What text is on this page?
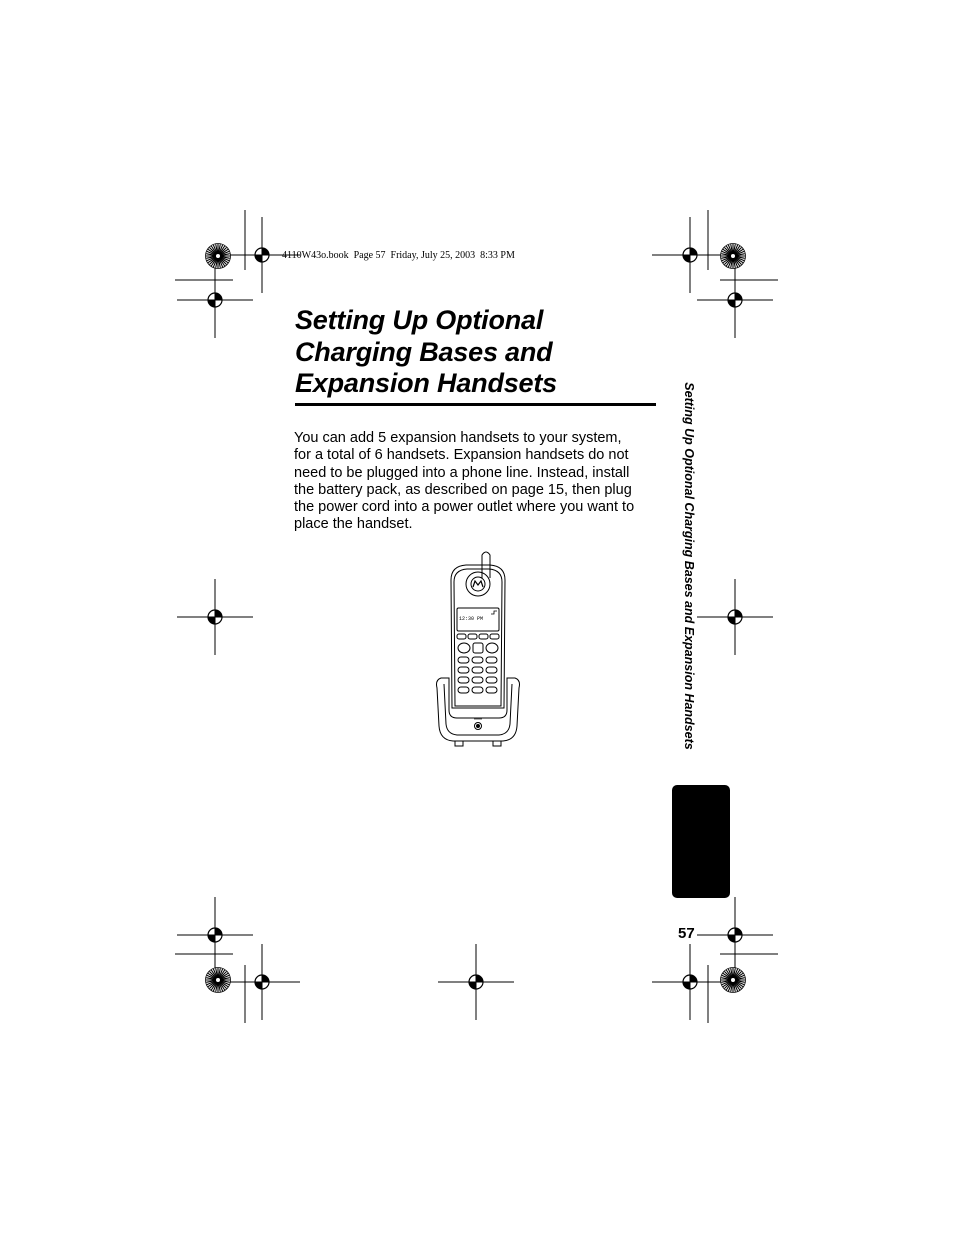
4110W43o.book  Page 57  Friday, July 25, 2003  8:33 PM
Setting Up Optional
Charging Bases and
Expansion Handsets

You can add 5 expansion handsets to your system,
for a total of 6 handsets. Expansion handsets do not
need to be plugged into a phone line. Instead, install
the battery pack, as described on page 15, then plug
the power cord into a power outlet where you want to
place the handset.

12:30 PM	Setting Up Optional Charging Bases and Expansion Handsets
57
